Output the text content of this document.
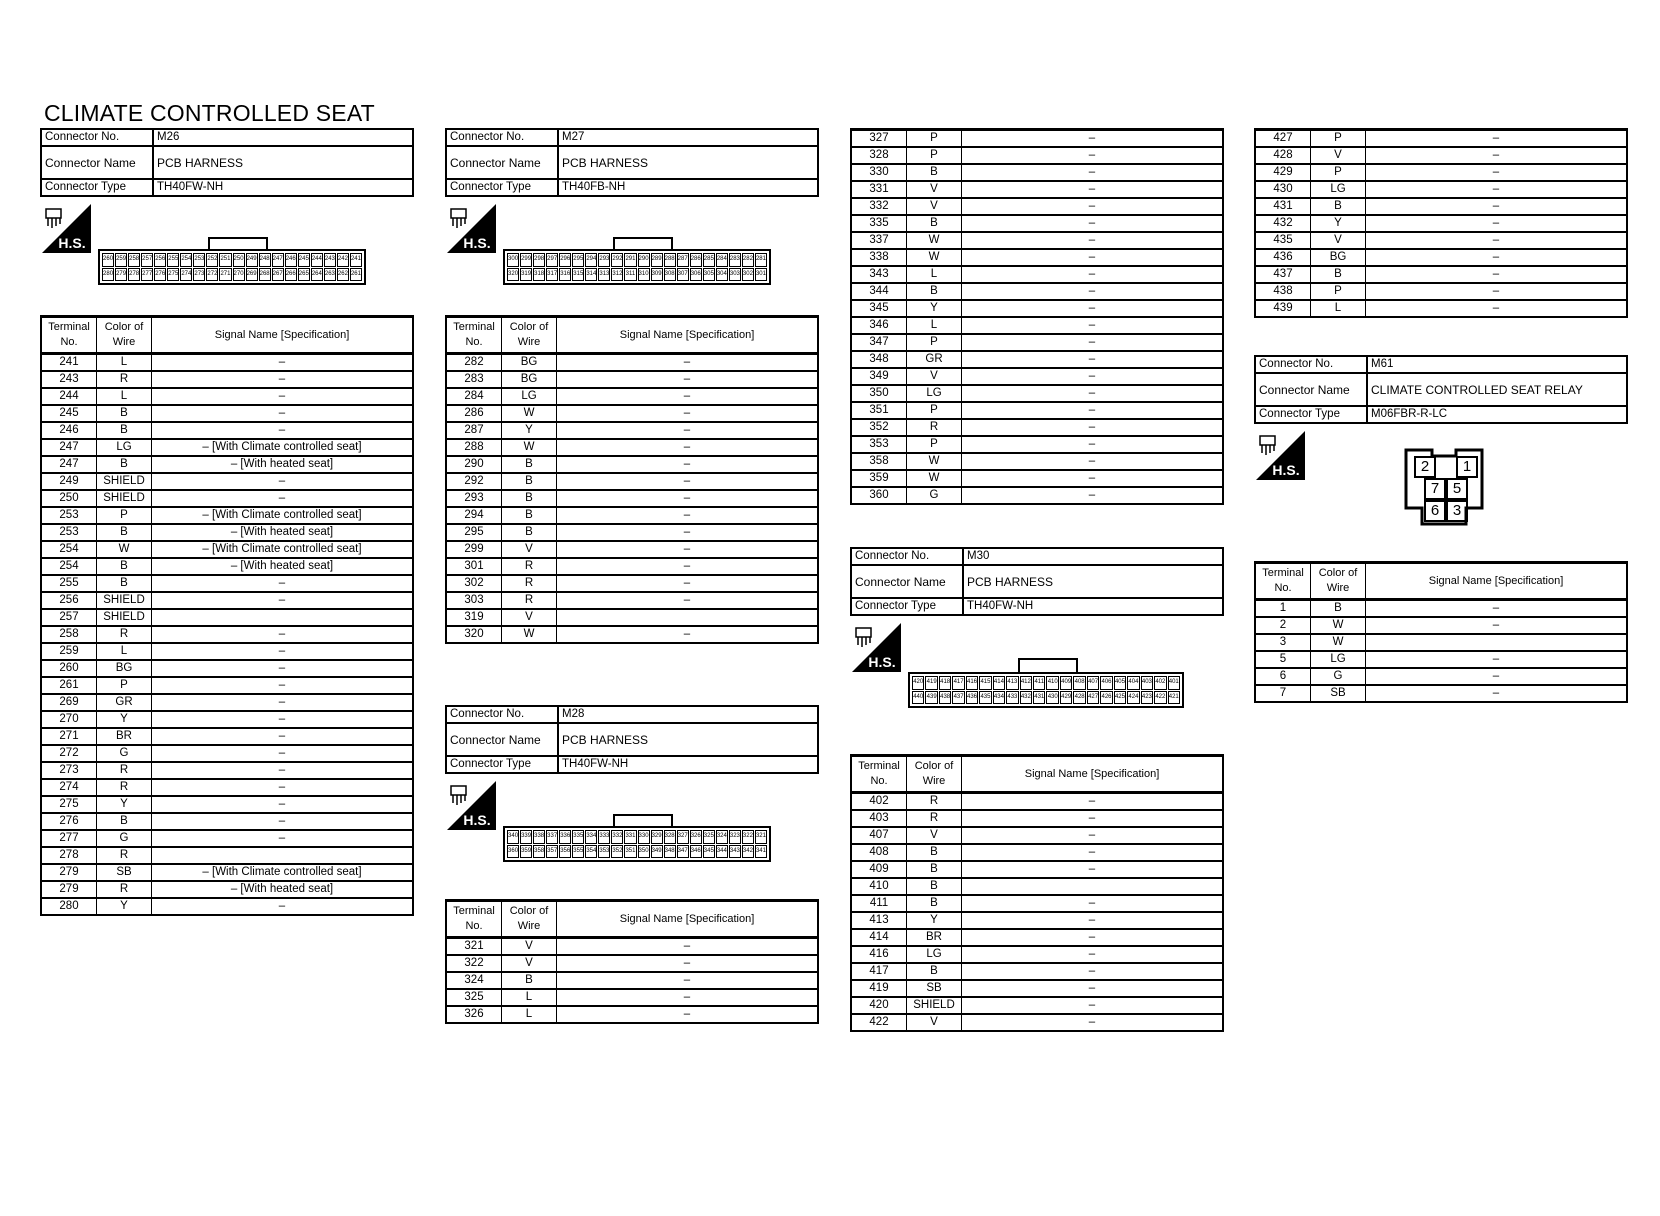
CLIMATE CONTROLLED SEAT
Connector No.	M26
Connector Name	PCB HARNESS
Connector Type	TH40FW-NH
H.S.
260 259 258 257 256 255 254 253 252 251 250 249 248 247 246 245 244 243 242 241
280 279 278 277 276 275 274 273 272 271 270 269 268 267 266 265 264 263 262 261
Terminal No.	Color of Wire	Signal Name [Specification]
241	L	–
243	R	–
244	L	–
245	B	–
246	B	–
247	LG	– [With Climate controlled seat]
247	B	– [With heated seat]
249	SHIELD	–
250	SHIELD	–
253	P	– [With Climate controlled seat]
253	B	– [With heated seat]
254	W	– [With Climate controlled seat]
254	B	– [With heated seat]
255	B	–
256	SHIELD	–
257	SHIELD	
258	R	–
259	L	–
260	BG	–
261	P	–
269	GR	–
270	Y	–
271	BR	–
272	G	–
273	R	–
274	R	–
275	Y	–
276	B	–
277	G	–
278	R	
279	SB	– [With Climate controlled seat]
279	R	– [With heated seat]
280	Y	–
Connector No.	M27
Connector Name	PCB HARNESS
Connector Type	TH40FB-NH
H.S.
300 299 298 297 296 295 294 293 292 291 290 289 288 287 286 285 284 283 282 281
320 319 318 317 316 315 314 313 312 311 310 309 308 307 306 305 304 303 302 301
Terminal No.	Color of Wire	Signal Name [Specification]
282	BG	–
283	BG	–
284	LG	–
286	W	–
287	Y	–
288	W	–
290	B	–
292	B	–
293	B	–
294	B	–
295	B	–
299	V	–
301	R	–
302	R	–
303	R	–
319	V	
320	W	–
Connector No.	M28
Connector Name	PCB HARNESS
Connector Type	TH40FW-NH
H.S.
340 339 338 337 336 335 334 333 332 331 330 329 328 327 326 325 324 323 322 321
360 359 358 357 356 355 354 353 352 351 350 349 348 347 346 345 344 343 342 341
Terminal No.	Color of Wire	Signal Name [Specification]
321	V	–
322	V	–
324	B	–
325	L	–
326	L	–
327	P	–
328	P	–
330	B	–
331	V	–
332	V	–
335	B	–
337	W	–
338	W	–
343	L	–
344	B	–
345	Y	–
346	L	–
347	P	–
348	GR	–
349	V	–
350	LG	–
351	P	–
352	R	–
353	P	–
358	W	–
359	W	–
360	G	–
Connector No.	M30
Connector Name	PCB HARNESS
Connector Type	TH40FW-NH
H.S.
420 419 418 417 416 415 414 413 412 411 410 409 408 407 406 405 404 403 402 401
440 439 438 437 436 435 434 433 432 431 430 429 428 427 426 425 424 423 422 421
Terminal No.	Color of Wire	Signal Name [Specification]
402	R	–
403	R	–
407	V	–
408	B	–
409	B	–
410	B	
411	B	–
413	Y	–
414	BR	–
416	LG	–
417	B	–
419	SB	–
420	SHIELD	–
422	V	–
427	P	–
428	V	–
429	P	–
430	LG	–
431	B	–
432	Y	–
435	V	–
436	BG	–
437	B	–
438	P	–
439	L	–
Connector No.	M61
Connector Name	CLIMATE CONTROLLED SEAT RELAY
Connector Type	M06FBR-R-LC
H.S.	2	1
7 5
6 3
Terminal No.	Color of Wire	Signal Name [Specification]
1	B	–
2	W	–
3	W	
5	LG	–
6	G	–
7	SB	–
